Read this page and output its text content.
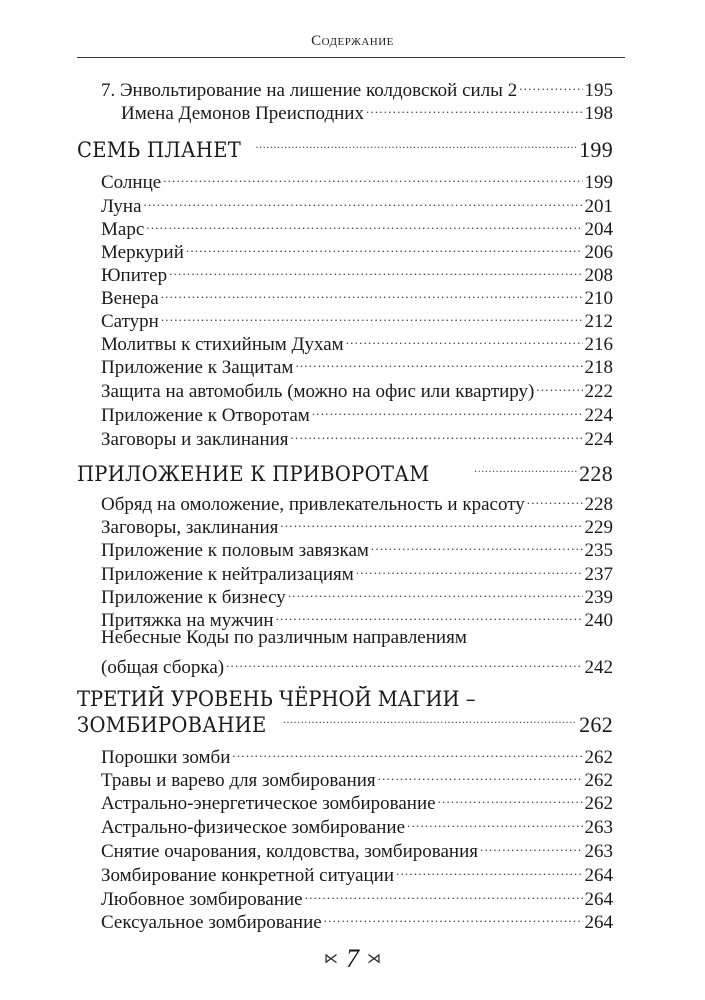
Содержание
7. Энвольтирование на лишение колдовской силы 2 .....	195
Имена Демонов Преисподних .....	198
СЕМЬ ПЛАНЕТ .....	199
Солнце .....	199
Луна .....	201
Марс .....	204
Меркурий .....	206
Юпитер .....	208
Венера .....	210
Сатурн .....	212
Молитвы к стихийным Духам .....	216
Приложение к Защитам .....	218
Защита на автомобиль (можно на офис или квартиру) .....	222
Приложение к Отворотам .....	224
Заговоры и заклинания .....	224
ПРИЛОЖЕНИЕ К ПРИВОРОТАМ .....	228
Обряд на омоложение, привлекательность и красоту .....	228
Заговоры, заклинания .....	229
Приложение к половым завязкам .....	235
Приложение к нейтрализациям .....	237
Приложение к бизнесу .....	239
Притяжка на мужчин .....	240
Небесные Коды по различным направлениям
(общая сборка) .....	242
ТРЕТИЙ УРОВЕНЬ ЧЁРНОЙ МАГИИ –
ЗОМБИРОВАНИЕ .....	262
Порошки зомби .....	262
Травы и варево для зомбирования .....	262
Астрально-энергетическое зомбирование .....	262
Астрально-физическое зомбирование .....	263
Снятие очарования, колдовства, зомбирования .....	263
Зомбирование конкретной ситуации .....	264
Любовное зомбирование .....	264
Сексуальное зомбирование .....	264
⋉ 7 ⋊
